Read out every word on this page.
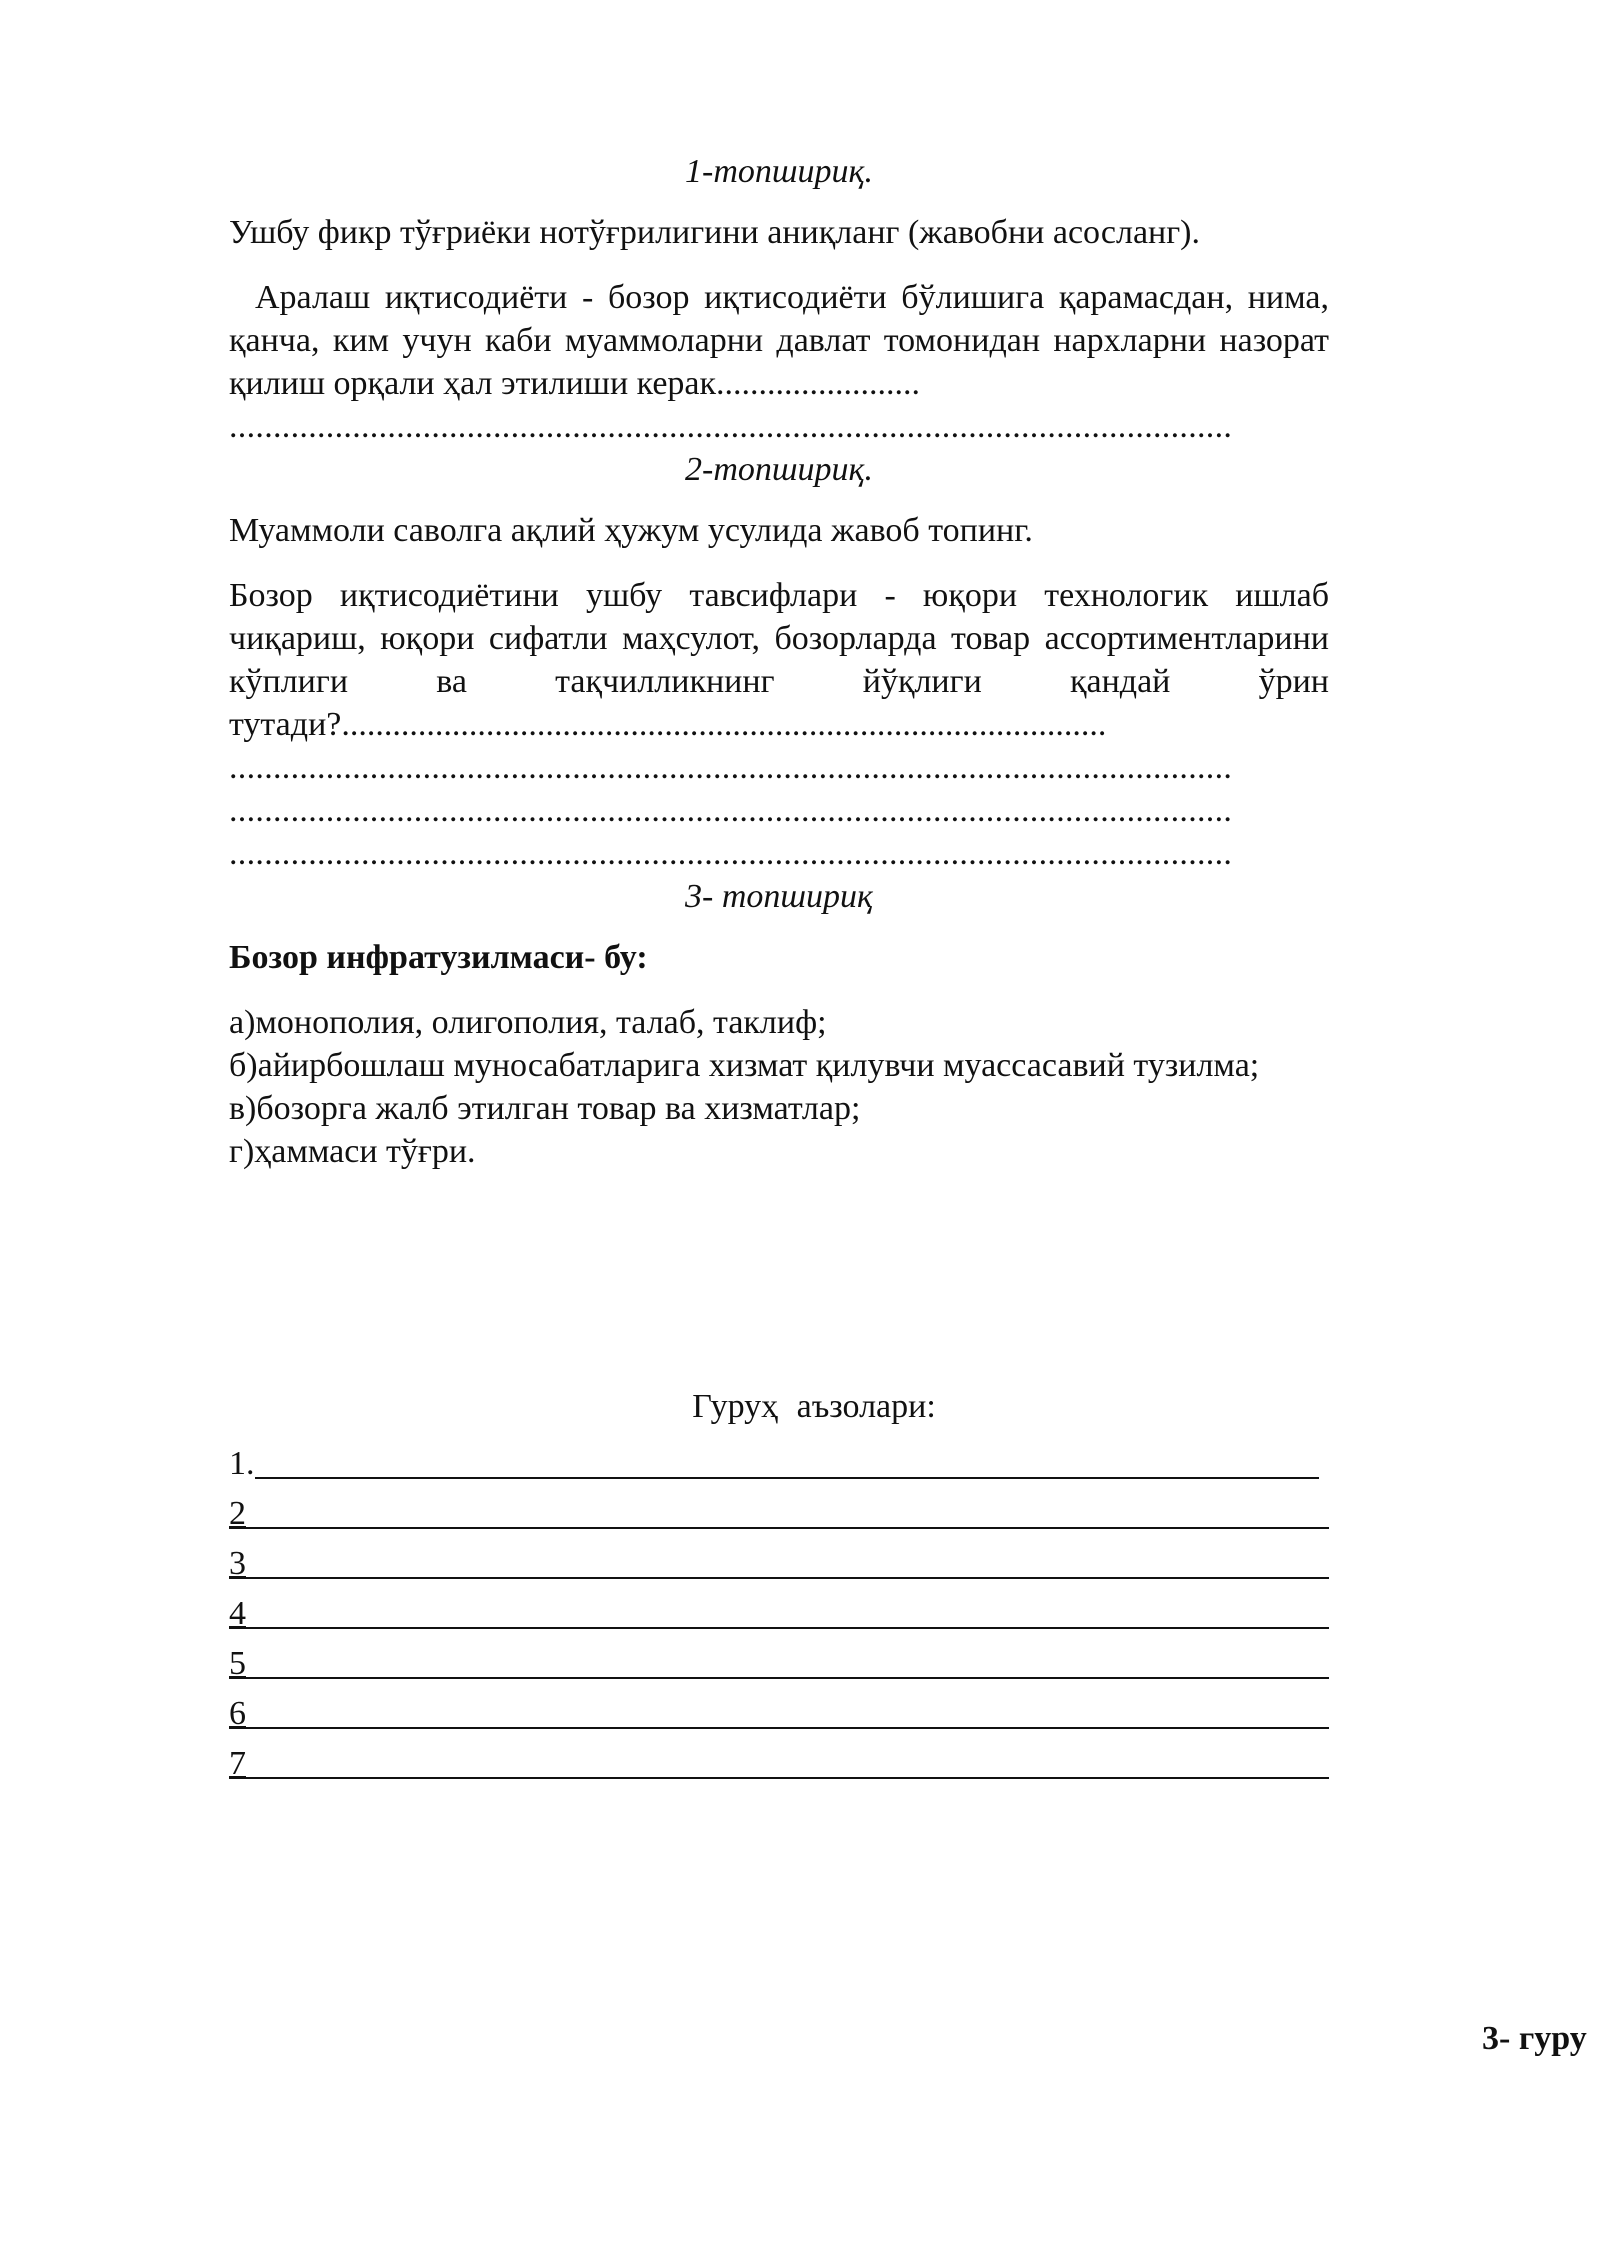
1-топшириқ.

Ушбу фикр тўғриёки нотўғрилигини аниқланг (жавобни асосланг).

Аралаш иқтисодиёти - бозор иқтисодиёти бўлишига қарамасдан, нима, қанча, ким учун каби муаммоларни давлат томонидан нархларни назорат қилиш орқали ҳал этилиши керак........................

..................................................................................................................

2-топшириқ.

Муаммоли саволга ақлий ҳужум усулида жавоб топинг.

Бозор иқтисодиётини ушбу тавсифлари - юқори технологик ишлаб чиқариш, юқори сифатли маҳсулот, бозорларда товар ассортиментларини кўплиги ва тақчилликнинг йўқлиги қандай ўрин тутади?..........................................................................................

..................................................................................................................

..................................................................................................................

..................................................................................................................

3- топшириқ

Бозор инфратузилмаси- бу:

а)монополия, олигополия, талаб, таклиф;

б)айирбошлаш муносабатларига хизмат қилувчи муассасавий тузилма;

в)бозорга жалб этилган товар ва хизматлар;

г)ҳаммаси тўғри.

Гуруҳ аъзолари:

1.
2
3
4
5
6
7
3- гуру
